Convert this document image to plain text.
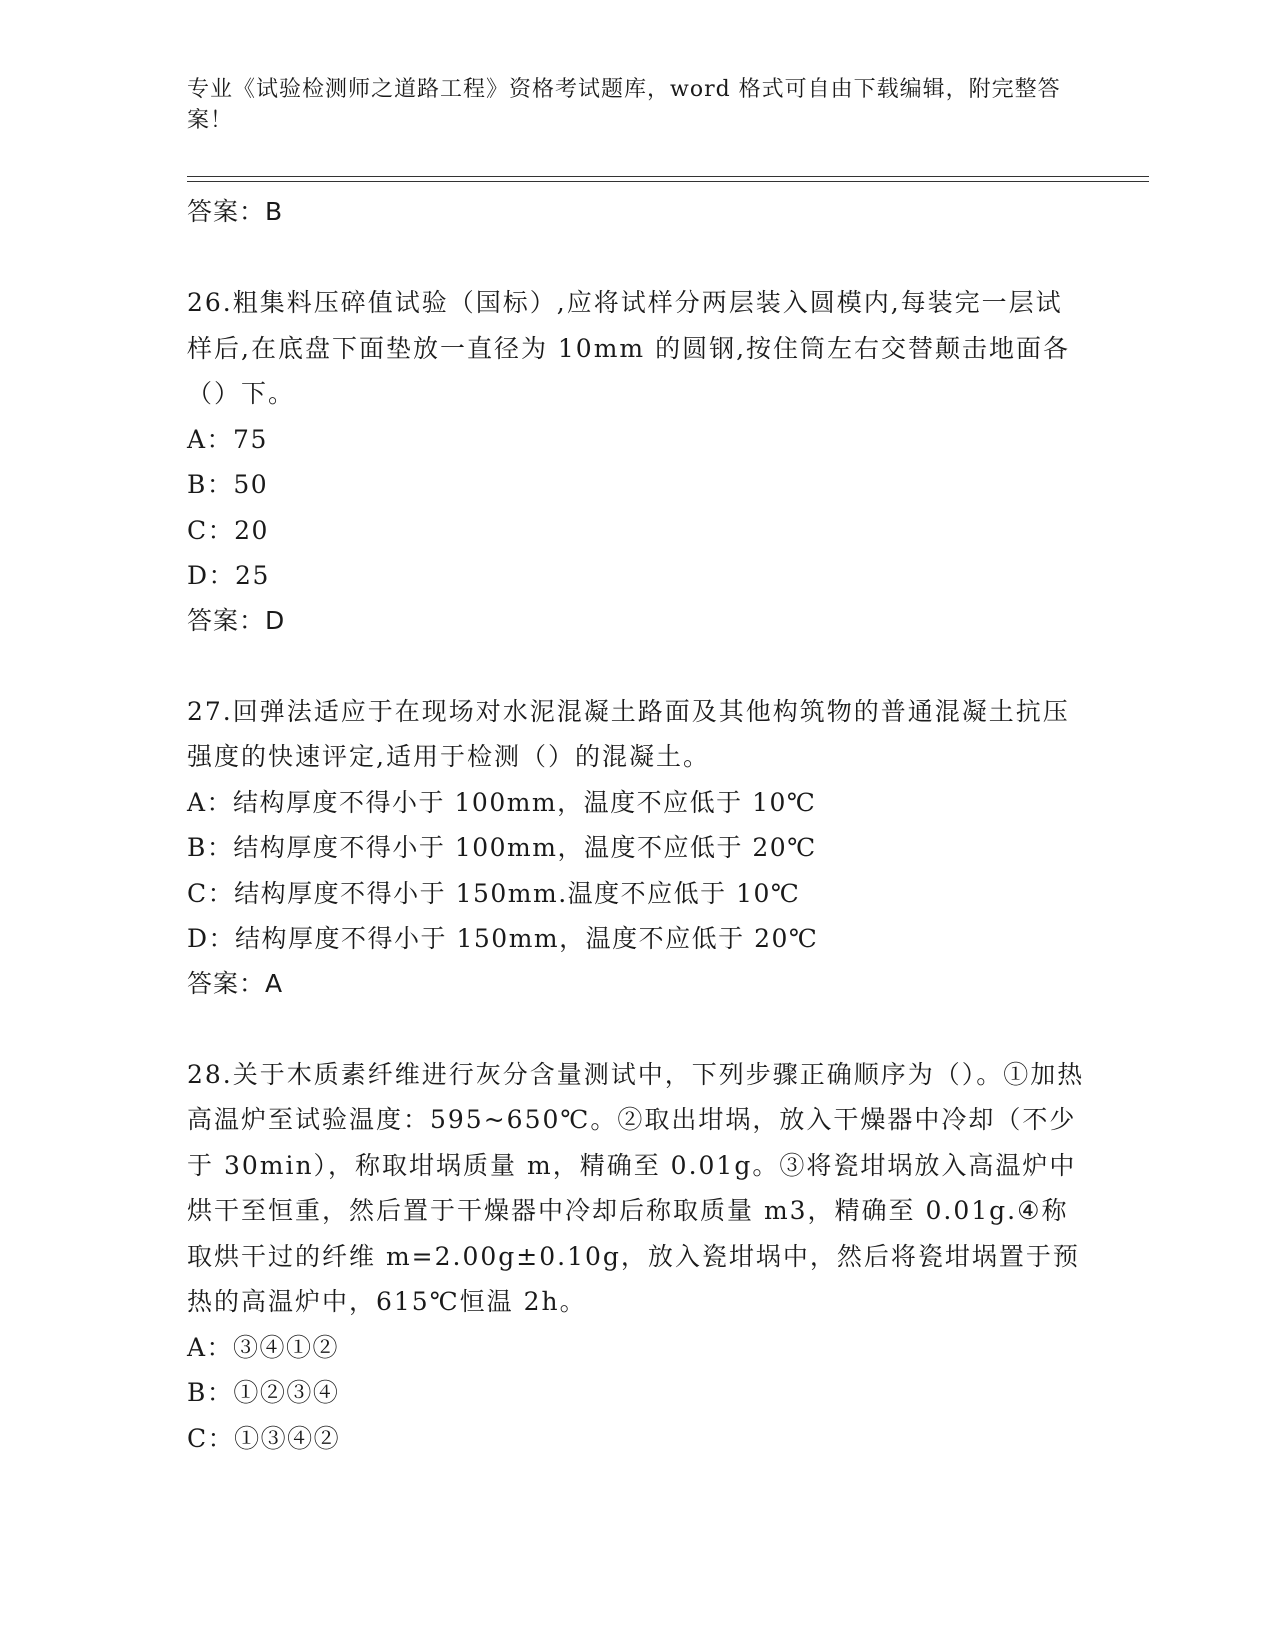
专业《试验检测师之道路工程》资格考试题库，word 格式可自由下载编辑，附完整答案！
答案：B
26.粗集料压碎值试验（国标）,应将试样分两层装入圆模内,每装完一层试样后,在底盘下面垫放一直径为 10mm 的圆钢,按住筒左右交替颠击地面各（）下。
A：75
B：50
C：20
D：25
答案：D
27.回弹法适应于在现场对水泥混凝土路面及其他构筑物的普通混凝土抗压强度的快速评定,适用于检测（）的混凝土。
A：结构厚度不得小于 100mm，温度不应低于 10℃
B：结构厚度不得小于 100mm，温度不应低于 20℃
C：结构厚度不得小于 150mm.温度不应低于 10℃
D：结构厚度不得小于 150mm，温度不应低于 20℃
答案：A
28.关于木质素纤维进行灰分含量测试中，下列步骤正确顺序为（）。①加热高温炉至试验温度：595~650℃。②取出坩埚，放入干燥器中冷却（不少于 30min），称取坩埚质量 m，精确至 0.01g。③将瓷坩埚放入高温炉中烘干至恒重，然后置于干燥器中冷却后称取质量 m3，精确至 0.01g.④称取烘干过的纤维 m=2.00g±0.10g，放入瓷坩埚中，然后将瓷坩埚置于预热的高温炉中，615℃恒温 2h。
A：③④①②
B：①②③④
C：①③④②
